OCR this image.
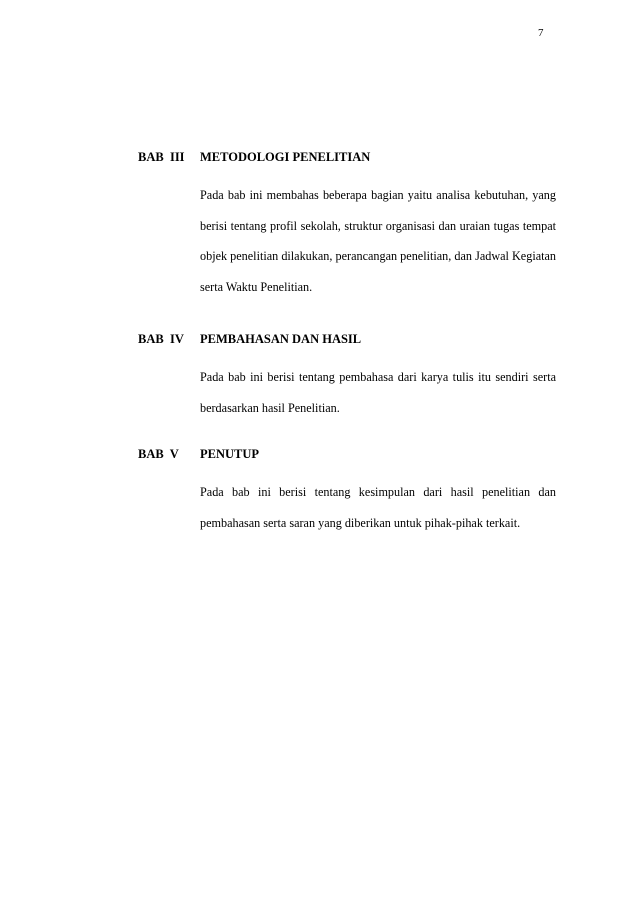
7
BAB  III METODOLOGI PENELITIAN

Pada bab ini membahas beberapa bagian yaitu analisa kebutuhan, yang berisi tentang profil sekolah, struktur organisasi dan uraian tugas tempat objek penelitian dilakukan, perancangan penelitian, dan Jadwal Kegiatan serta Waktu Penelitian.

BAB  IV PEMBAHASAN DAN HASIL

Pada bab ini berisi tentang pembahasa dari karya tulis itu sendiri serta berdasarkan hasil Penelitian.

BAB  V PENUTUP

Pada bab ini berisi tentang kesimpulan dari hasil penelitian dan pembahasan serta saran yang diberikan untuk pihak-pihak terkait.
